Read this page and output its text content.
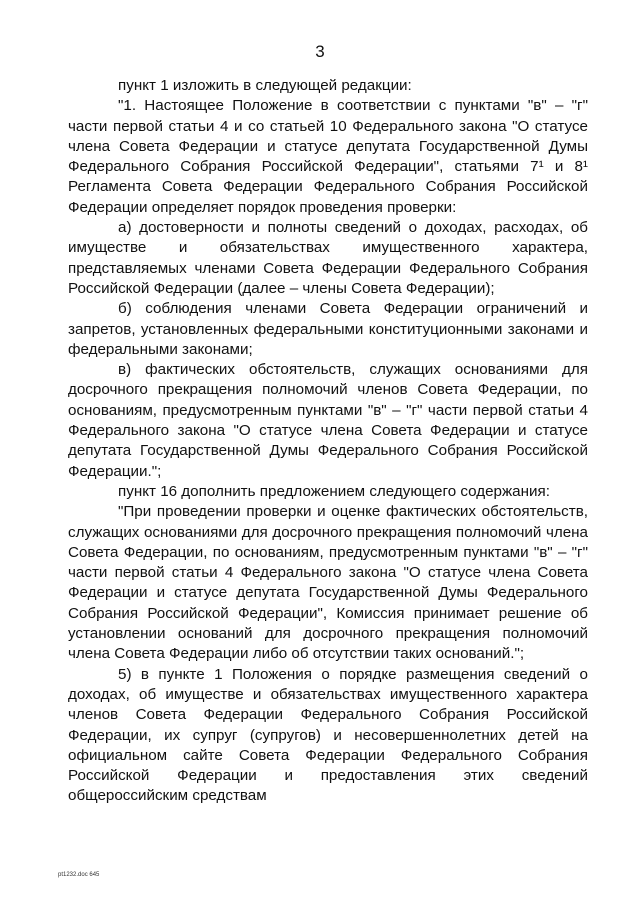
3

пункт 1 изложить в следующей редакции:

"1. Настоящее Положение в соответствии с пунктами "в" – "г" части первой статьи 4 и со статьей 10 Федерального закона "О статусе члена Совета Федерации и статусе депутата Государственной Думы Федерального Собрания Российской Федерации", статьями 7¹ и 8¹ Регламента Совета Федерации Федерального Собрания Российской Федерации определяет порядок проведения проверки:

а) достоверности и полноты сведений о доходах, расходах, об имуществе и обязательствах имущественного характера, представляемых членами Совета Федерации Федерального Собрания Российской Федерации (далее – члены Совета Федерации);

б) соблюдения членами Совета Федерации ограничений и запретов, установленных федеральными конституционными законами и федеральными законами;

в) фактических обстоятельств, служащих основаниями для досрочного прекращения полномочий членов Совета Федерации, по основаниям, предусмотренным пунктами "в" – "г" части первой статьи 4 Федерального закона "О статусе члена Совета Федерации и статусе депутата Государственной Думы Федерального Собрания Российской Федерации.";

пункт 16 дополнить предложением следующего содержания:

"При проведении проверки и оценке фактических обстоятельств, служащих основаниями для досрочного прекращения полномочий члена Совета Федерации, по основаниям, предусмотренным пунктами "в" – "г" части первой статьи 4 Федерального закона "О статусе члена Совета Федерации и статусе депутата Государственной Думы Федерального Собрания Российской Федерации", Комиссия принимает решение об установлении оснований для досрочного прекращения полномочий члена Совета Федерации либо об отсутствии таких оснований.";

5) в пункте 1 Положения о порядке размещения сведений о доходах, об имуществе и обязательствах имущественного характера членов Совета Федерации Федерального Собрания Российской Федерации, их супруг (супругов) и несовершеннолетних детей на официальном сайте Совета Федерации Федерального Собрания Российской Федерации и предоставления этих сведений общероссийским средствам

pt1232.doc 645
